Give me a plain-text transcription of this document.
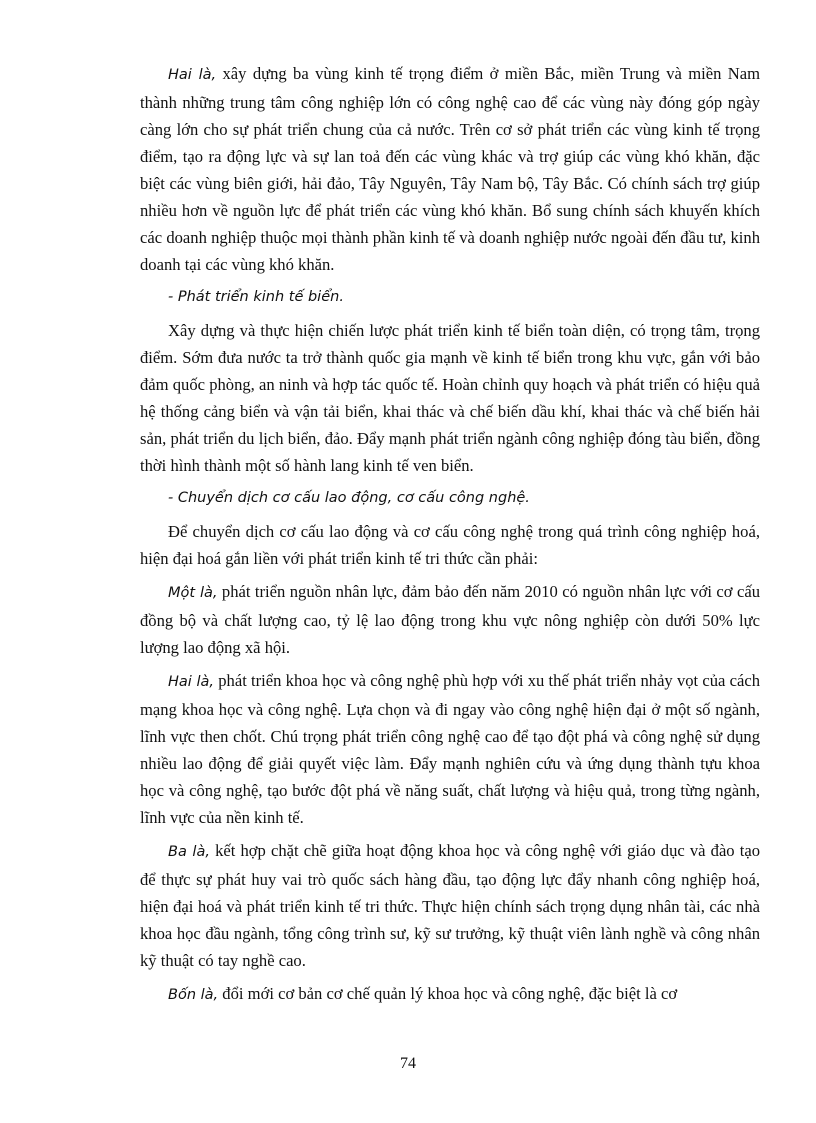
Hai là, xây dựng ba vùng kinh tế trọng điểm ở miền Bắc, miền Trung và miền Nam thành những trung tâm công nghiệp lớn có công nghệ cao để các vùng này đóng góp ngày càng lớn cho sự phát triển chung của cả nước. Trên cơ sở phát triển các vùng kinh tế trọng điểm, tạo ra động lực và sự lan toả đến các vùng khác và trợ giúp các vùng khó khăn, đặc biệt các vùng biên giới, hải đảo, Tây Nguyên, Tây Nam bộ, Tây Bắc. Có chính sách trợ giúp nhiều hơn về nguồn lực để phát triển các vùng khó khăn. Bổ sung chính sách khuyến khích các doanh nghiệp thuộc mọi thành phần kinh tế và doanh nghiệp nước ngoài đến đầu tư, kinh doanh tại các vùng khó khăn.

- Phát triển kinh tế biển.

Xây dựng và thực hiện chiến lược phát triển kinh tế biển toàn diện, có trọng tâm, trọng điểm. Sớm đưa nước ta trở thành quốc gia mạnh về kinh tế biển trong khu vực, gắn với bảo đảm quốc phòng, an ninh và hợp tác quốc tế. Hoàn chỉnh quy hoạch và phát triển có hiệu quả hệ thống cảng biển và vận tải biển, khai thác và chế biến dầu khí, khai thác và chế biến hải sản, phát triển du lịch biển, đảo. Đẩy mạnh phát triển ngành công nghiệp đóng tàu biển, đồng thời hình thành một số hành lang kinh tế ven biển.

- Chuyển dịch cơ cấu lao động, cơ cấu công nghệ.

Để chuyển dịch cơ cấu lao động và cơ cấu công nghệ trong quá trình công nghiệp hoá, hiện đại hoá gắn liền với phát triển kinh tế tri thức cần phải:

Một là, phát triển nguồn nhân lực, đảm bảo đến năm 2010 có nguồn nhân lực với cơ cấu đồng bộ và chất lượng cao, tỷ lệ lao động trong khu vực nông nghiệp còn dưới 50% lực lượng lao động xã hội.

Hai là, phát triển khoa học và công nghệ phù hợp với xu thế phát triển nhảy vọt của cách mạng khoa học và công nghệ. Lựa chọn và đi ngay vào công nghệ hiện đại ở một số ngành, lĩnh vực then chốt. Chú trọng phát triển công nghệ cao để tạo đột phá và công nghệ sử dụng nhiều lao động để giải quyết việc làm. Đẩy mạnh nghiên cứu và ứng dụng thành tựu khoa học và công nghệ, tạo bước đột phá về năng suất, chất lượng và hiệu quả, trong từng ngành, lĩnh vực của nền kinh tế.

Ba là, kết hợp chặt chẽ giữa hoạt động khoa học và công nghệ với giáo dục và đào tạo để thực sự phát huy vai trò quốc sách hàng đầu, tạo động lực đẩy nhanh công nghiệp hoá, hiện đại hoá và phát triển kinh tế tri thức. Thực hiện chính sách trọng dụng nhân tài, các nhà khoa học đầu ngành, tổng công trình sư, kỹ sư trưởng, kỹ thuật viên lành nghề và công nhân kỹ thuật có tay nghề cao.

Bốn là, đổi mới cơ bản cơ chế quản lý khoa học và công nghệ, đặc biệt là cơ

74
